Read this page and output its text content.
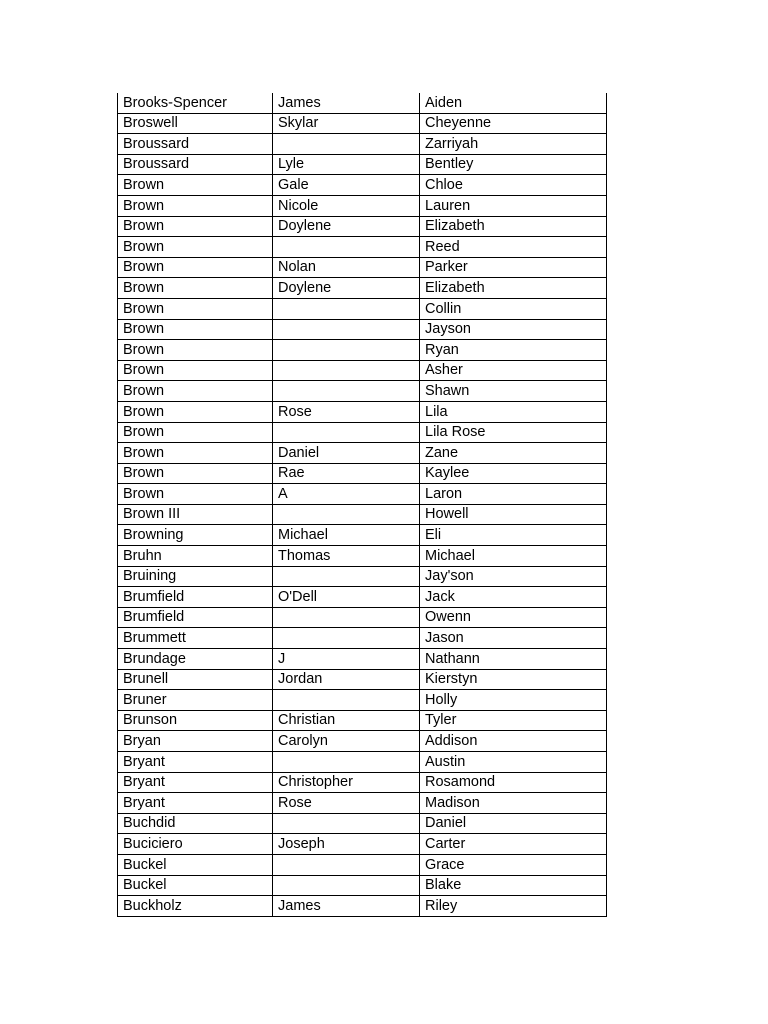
Brooks-Spencer	James	Aiden
Broswell	Skylar	Cheyenne
Broussard		Zarriyah
Broussard	Lyle	Bentley
Brown	Gale	Chloe
Brown	Nicole	Lauren
Brown	Doylene	Elizabeth
Brown		Reed
Brown	Nolan	Parker
Brown	Doylene	Elizabeth
Brown		Collin
Brown		Jayson
Brown		Ryan
Brown		Asher
Brown		Shawn
Brown	Rose	Lila
Brown		Lila Rose
Brown	Daniel	Zane
Brown	Rae	Kaylee
Brown	A	Laron
Brown III		Howell
Browning	Michael	Eli
Bruhn	Thomas	Michael
Bruining		Jay'son
Brumfield	O'Dell	Jack
Brumfield		Owenn
Brummett		Jason
Brundage	J	Nathann
Brunell	Jordan	Kierstyn
Bruner		Holly
Brunson	Christian	Tyler
Bryan	Carolyn	Addison
Bryant		Austin
Bryant	Christopher	Rosamond
Bryant	Rose	Madison
Buchdid		Daniel
Buciciero	Joseph	Carter
Buckel		Grace
Buckel		Blake
Buckholz	James	Riley
